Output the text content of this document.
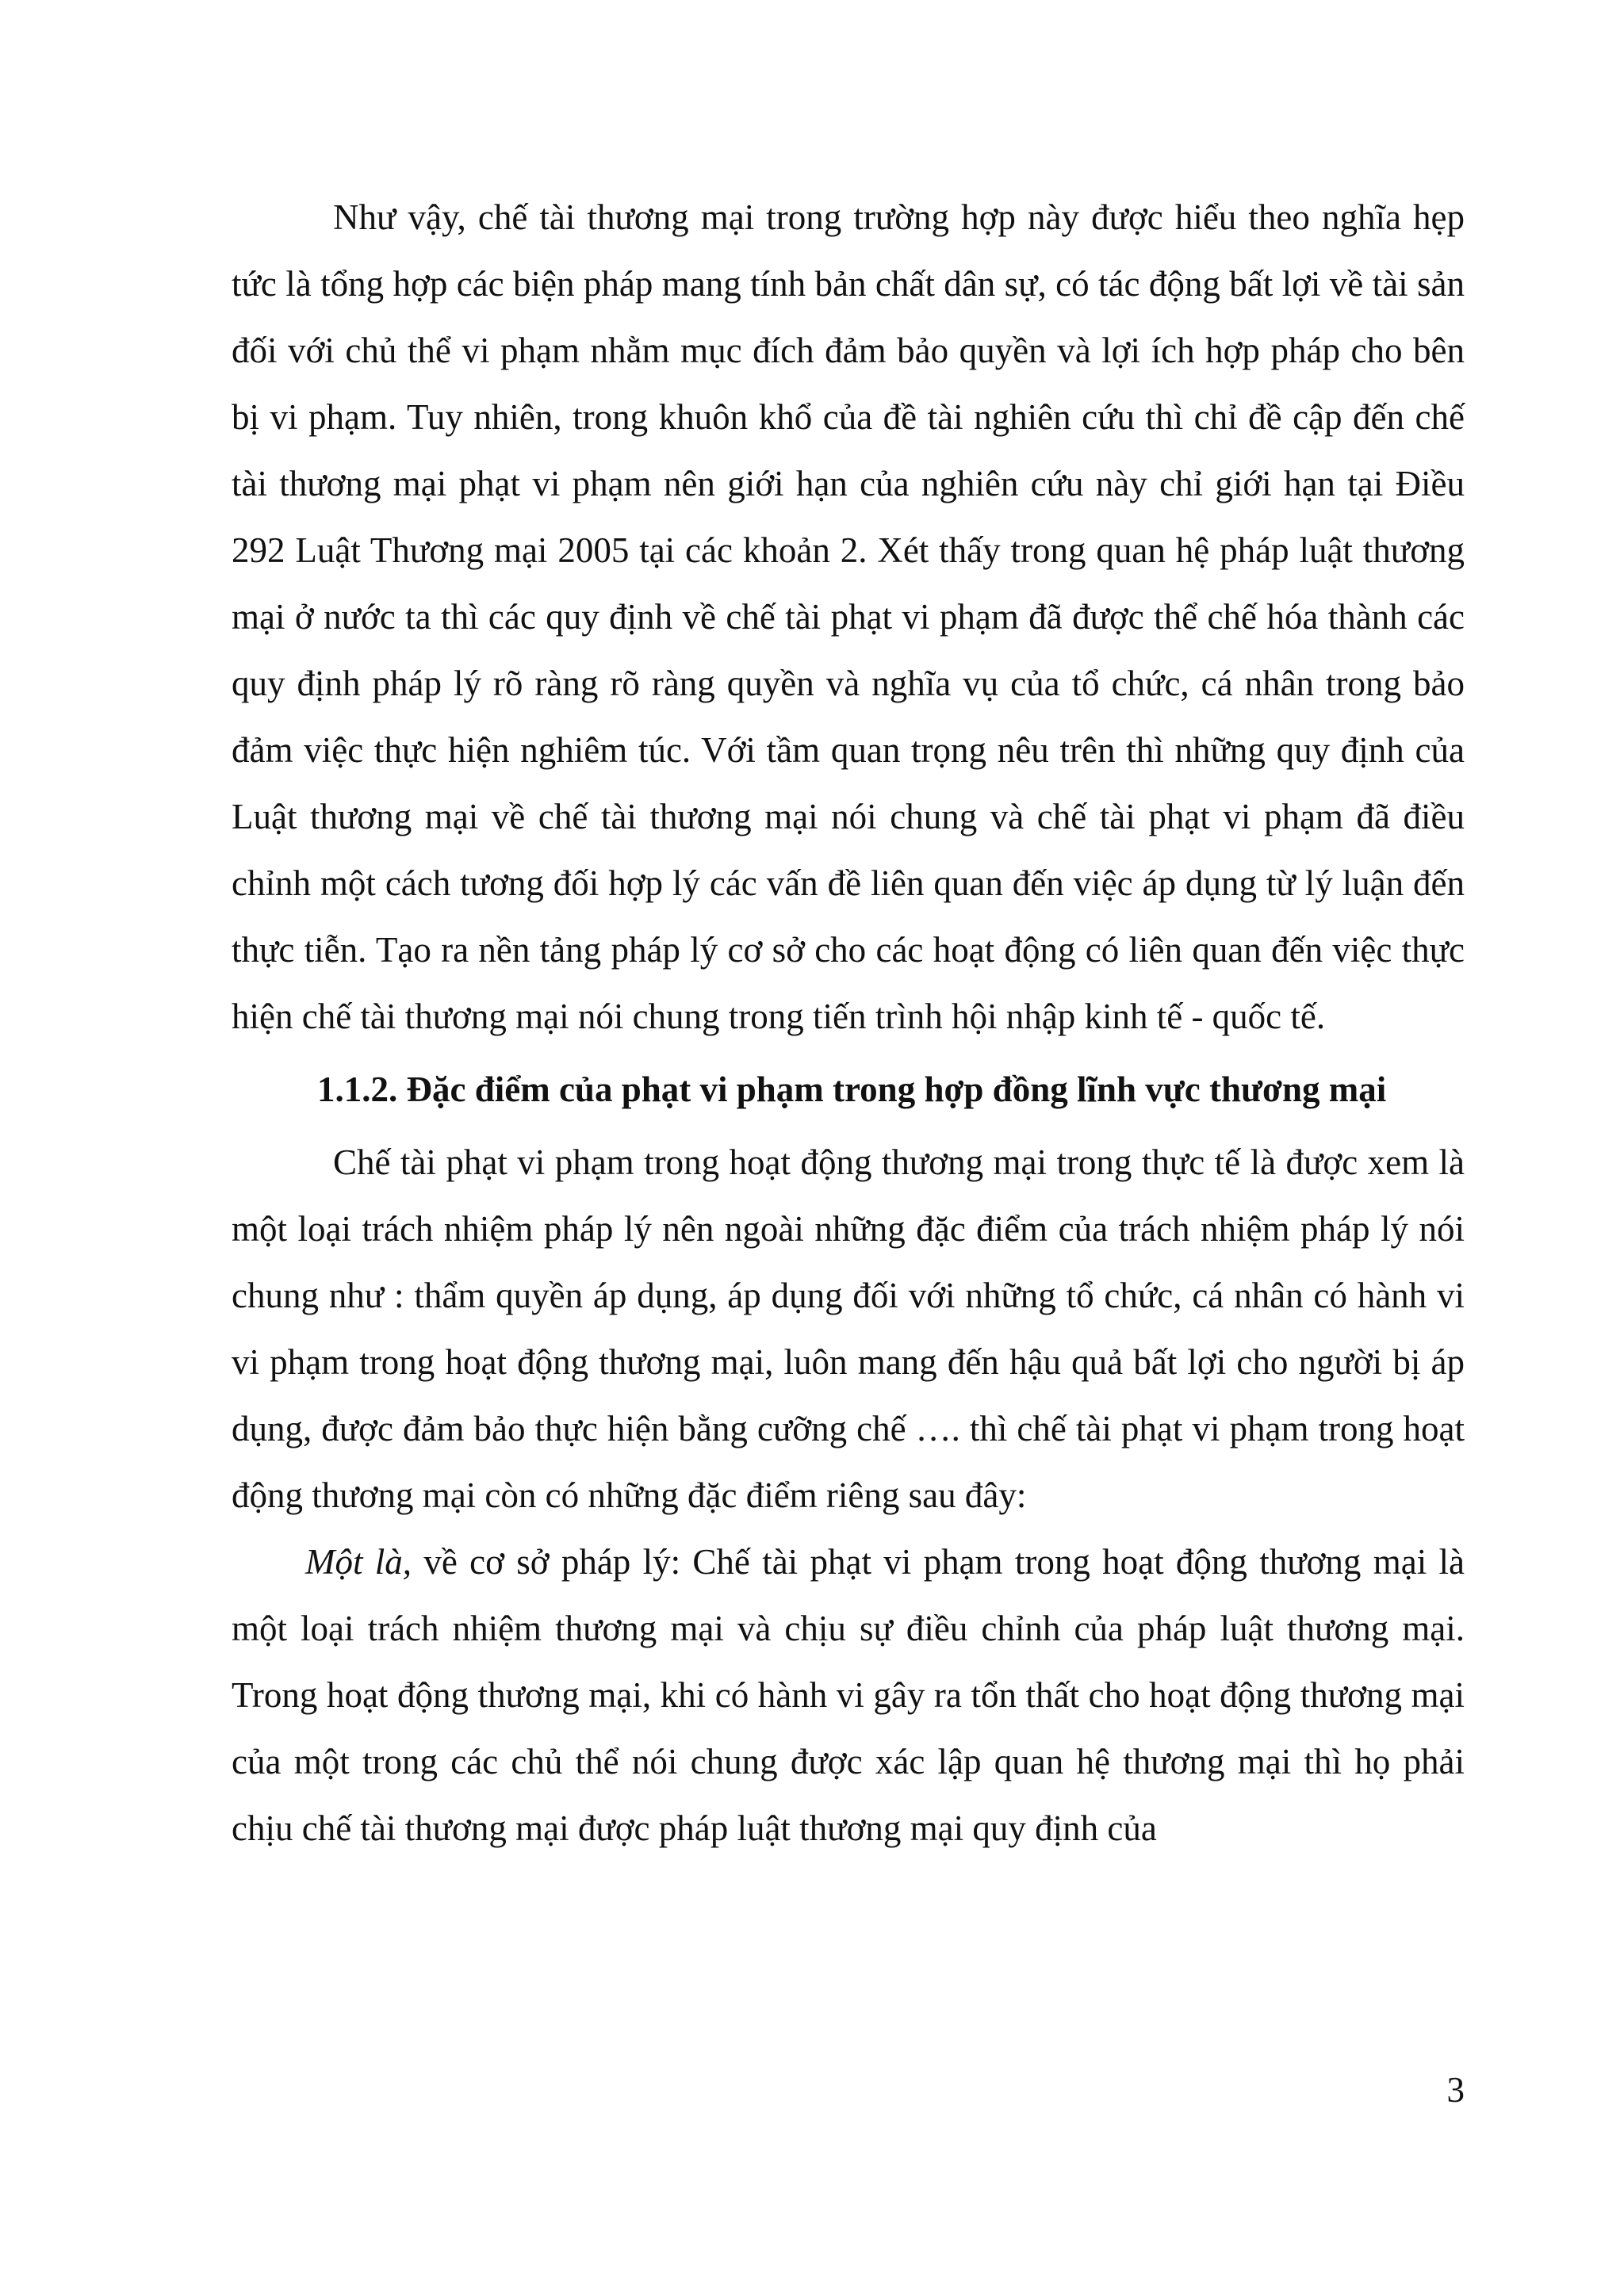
Như vậy, chế tài thương mại trong trường hợp này được hiểu theo nghĩa hẹp tức là tổng hợp các biện pháp mang tính bản chất dân sự, có tác động bất lợi về tài sản đối với chủ thể vi phạm nhằm mục đích đảm bảo quyền và lợi ích hợp pháp cho bên bị vi phạm. Tuy nhiên, trong khuôn khổ của đề tài nghiên cứu thì chỉ đề cập đến chế tài thương mại phạt vi phạm nên giới hạn của nghiên cứu này chỉ giới hạn tại Điều 292 Luật Thương mại 2005 tại các khoản 2. Xét thấy trong quan hệ pháp luật thương mại ở nước ta thì các quy định về chế tài phạt vi phạm đã được thể chế hóa thành các quy định pháp lý rõ ràng rõ ràng quyền và nghĩa vụ của tổ chức, cá nhân trong bảo đảm việc thực hiện nghiêm túc. Với tầm quan trọng nêu trên thì những quy định của Luật thương mại về chế tài thương mại nói chung và chế tài phạt vi phạm đã điều chỉnh một cách tương đối hợp lý các vấn đề liên quan đến việc áp dụng từ lý luận đến thực tiễn. Tạo ra nền tảng pháp lý cơ sở cho các hoạt động có liên quan đến việc thực hiện chế tài thương mại nói chung trong tiến trình hội nhập kinh tế - quốc tế.

1.1.2. Đặc điểm của phạt vi phạm trong hợp đồng lĩnh vực thương mại

Chế tài phạt vi phạm trong hoạt động thương mại trong thực tế là được xem là một loại trách nhiệm pháp lý nên ngoài những đặc điểm của trách nhiệm pháp lý nói chung như : thẩm quyền áp dụng, áp dụng đối với những tổ chức, cá nhân có hành vi vi phạm trong hoạt động thương mại, luôn mang đến hậu quả bất lợi cho người bị áp dụng, được đảm bảo thực hiện bằng cưỡng chế …. thì chế tài phạt vi phạm trong hoạt động thương mại còn có những đặc điểm riêng sau đây:

Một là, về cơ sở pháp lý: Chế tài phạt vi phạm trong hoạt động thương mại là một loại trách nhiệm thương mại và chịu sự điều chỉnh của pháp luật thương mại. Trong hoạt động thương mại, khi có hành vi gây ra tổn thất cho hoạt động thương mại của một trong các chủ thể nói chung được xác lập quan hệ thương mại thì họ phải chịu chế tài thương mại được pháp luật thương mại quy định của

3
